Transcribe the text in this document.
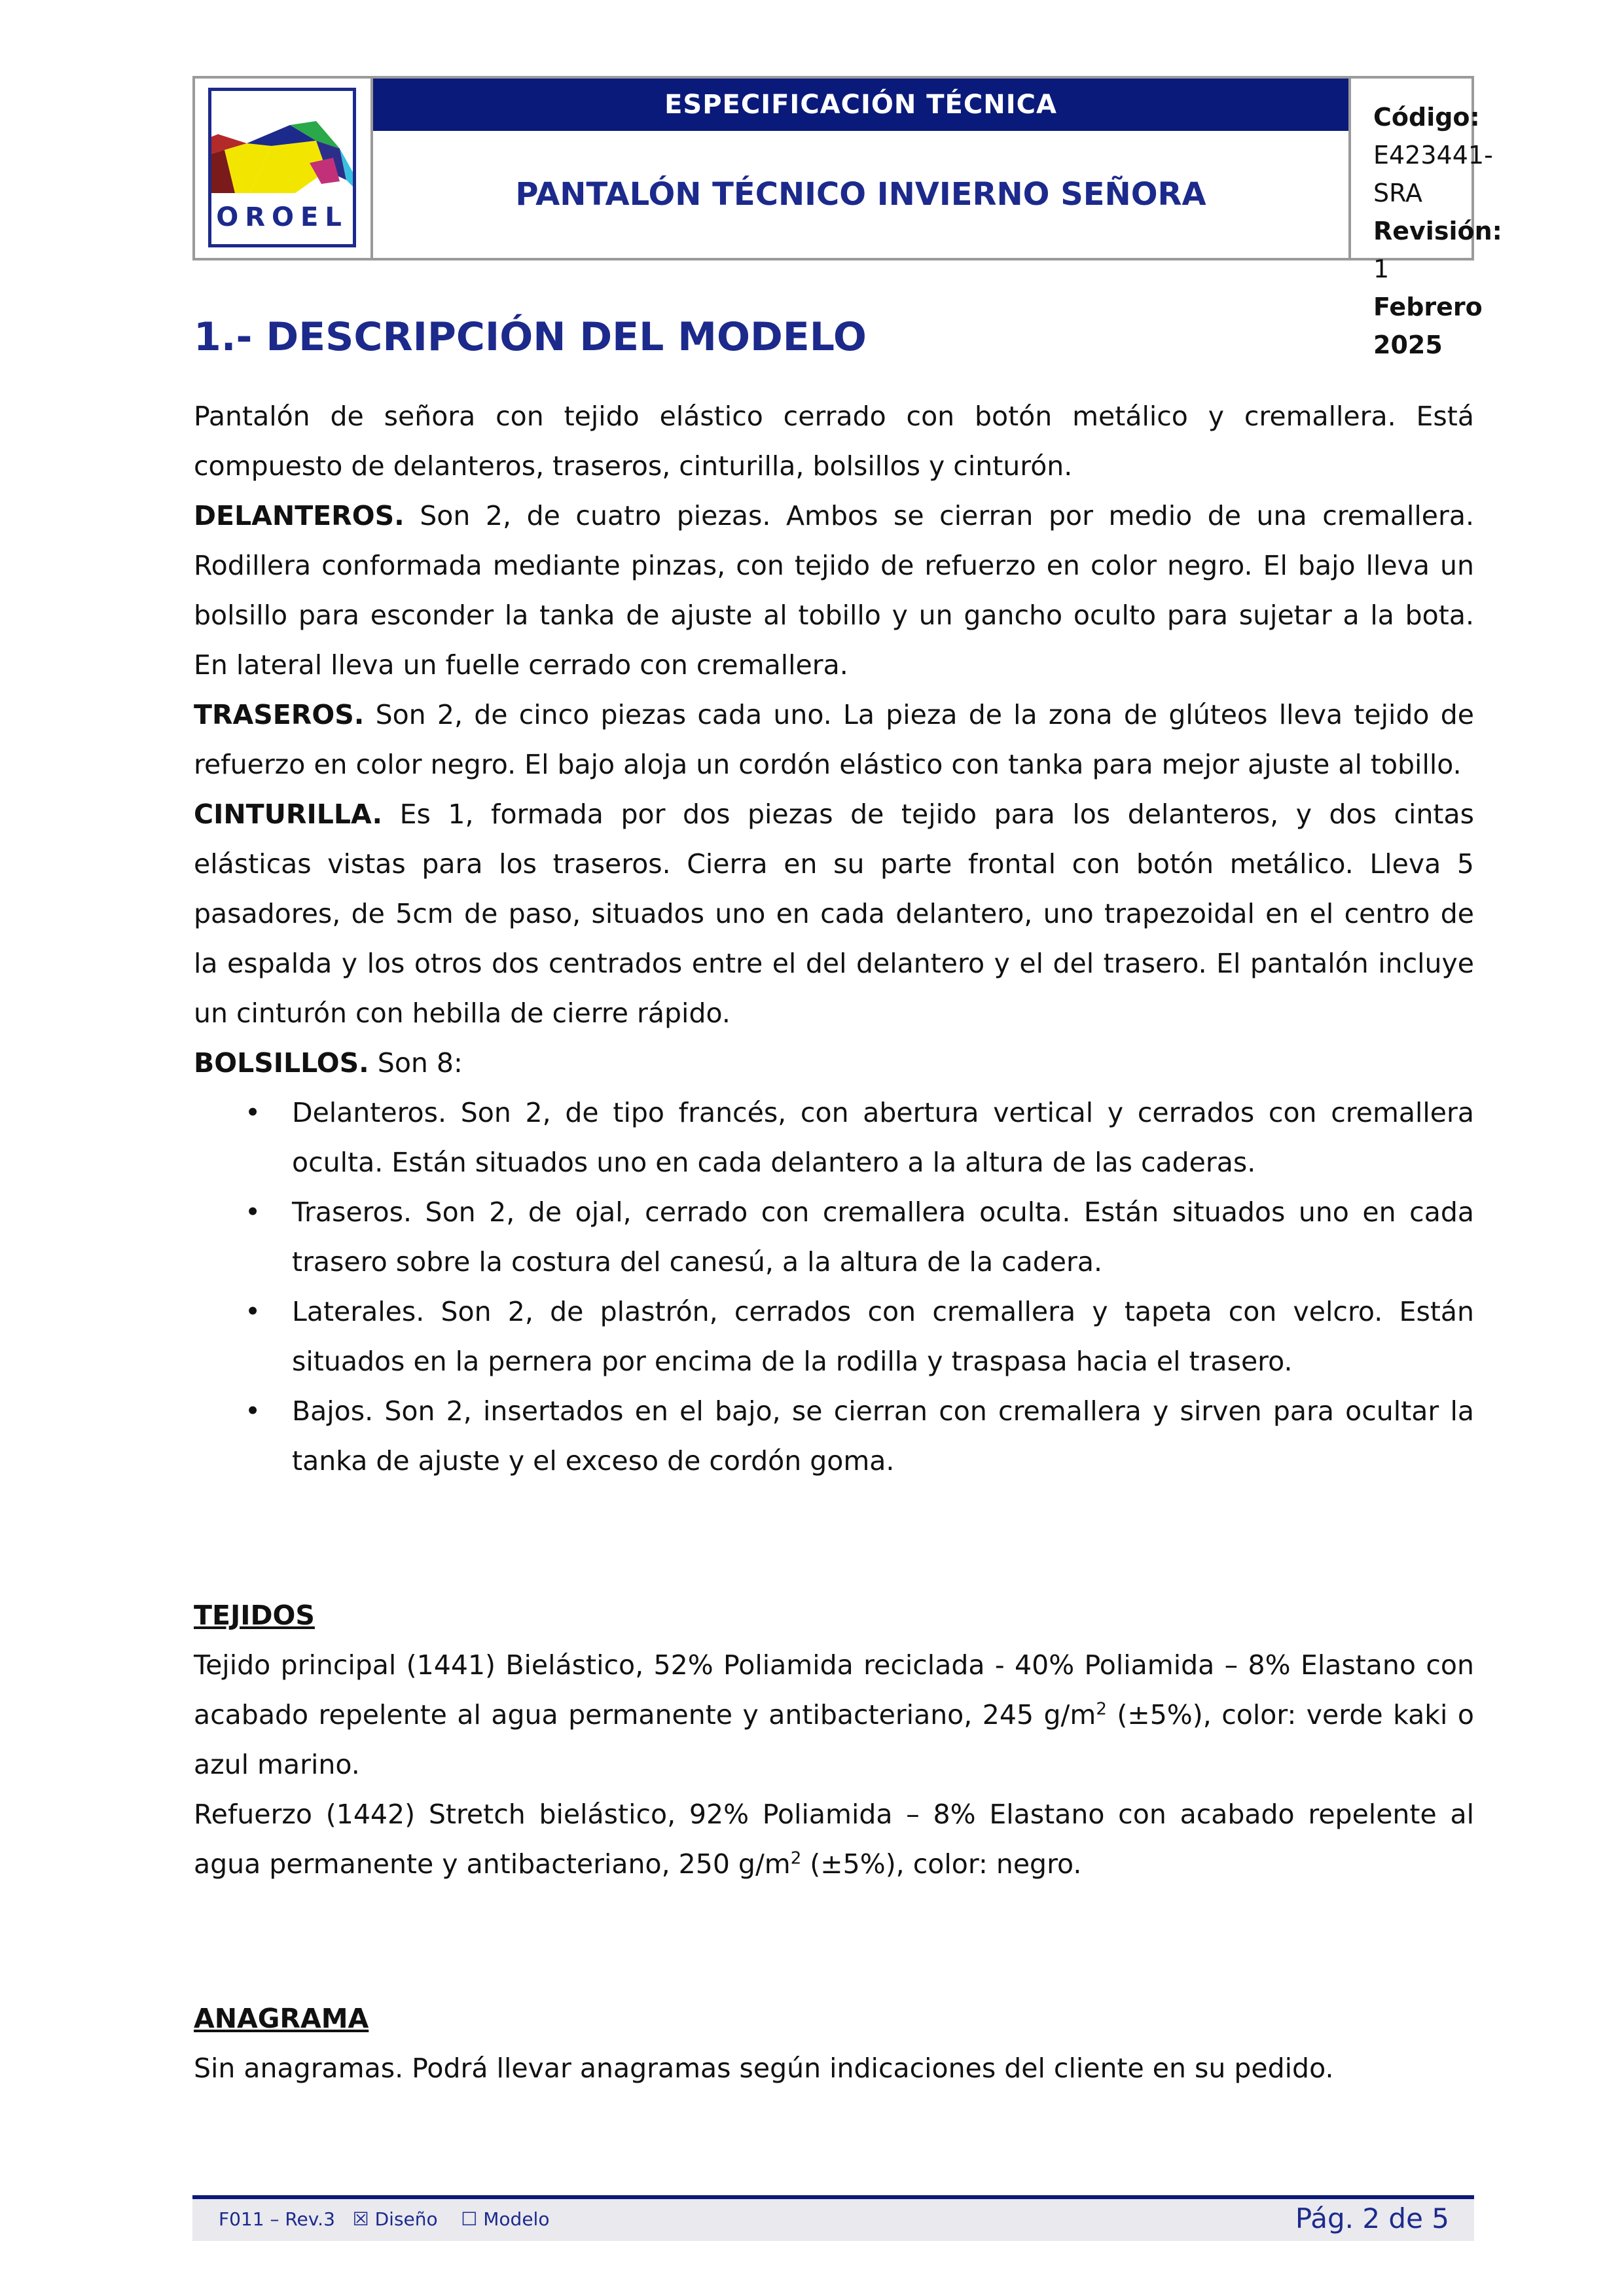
OROEL
ESPECIFICACIÓN TÉCNICA
PANTALÓN TÉCNICO INVIERNO SEÑORA
Código:
E423441-SRA
Revisión: 1
Febrero 2025
1.- DESCRIPCIÓN DEL MODELO

Pantalón de señora con tejido elástico cerrado con botón metálico y cremallera. Está compuesto de delanteros, traseros, cinturilla, bolsillos y cinturón.

DELANTEROS. Son 2, de cuatro piezas. Ambos se cierran por medio de una cremallera. Rodillera conformada mediante pinzas, con tejido de refuerzo en color negro. El bajo lleva un bolsillo para esconder la tanka de ajuste al tobillo y un gancho oculto para sujetar a la bota. En lateral lleva un fuelle cerrado con cremallera.

TRASEROS. Son 2, de cinco piezas cada uno. La pieza de la zona de glúteos lleva tejido de refuerzo en color negro. El bajo aloja un cordón elástico con tanka para mejor ajuste al tobillo.

CINTURILLA. Es 1, formada por dos piezas de tejido para los delanteros, y dos cintas elásticas vistas para los traseros. Cierra en su parte frontal con botón metálico. Lleva 5 pasadores, de 5cm de paso, situados uno en cada delantero, uno trapezoidal en el centro de la espalda y los otros dos centrados entre el del delantero y el del trasero. El pantalón incluye un cinturón con hebilla de cierre rápido.

BOLSILLOS. Son 8:

• Delanteros. Son 2, de tipo francés, con abertura vertical y cerrados con cremallera oculta. Están situados uno en cada delantero a la altura de las caderas.
• Traseros. Son 2, de ojal, cerrado con cremallera oculta. Están situados uno en cada trasero sobre la costura del canesú, a la altura de la cadera.
• Laterales. Son 2, de plastrón, cerrados con cremallera y tapeta con velcro. Están situados en la pernera por encima de la rodilla y traspasa hacia el trasero.
• Bajos. Son 2, insertados en el bajo, se cierran con cremallera y sirven para ocultar la tanka de ajuste y el exceso de cordón goma.

TEJIDOS

Tejido principal (1441) Bielástico, 52% Poliamida reciclada - 40% Poliamida – 8% Elastano con acabado repelente al agua permanente y antibacteriano, 245 $g/m^2$ (±5%), color: verde kaki o azul marino.

Refuerzo (1442) Stretch bielástico, 92% Poliamida – 8% Elastano con acabado repelente al agua permanente y antibacteriano, 250 $g/m^2$ (±5%), color: negro.

ANAGRAMA

Sin anagramas. Podrá llevar anagramas según indicaciones del cliente en su pedido.

F011 – Rev.3 ☒ Diseño ☐ Modelo	Pág. 2 de 5
